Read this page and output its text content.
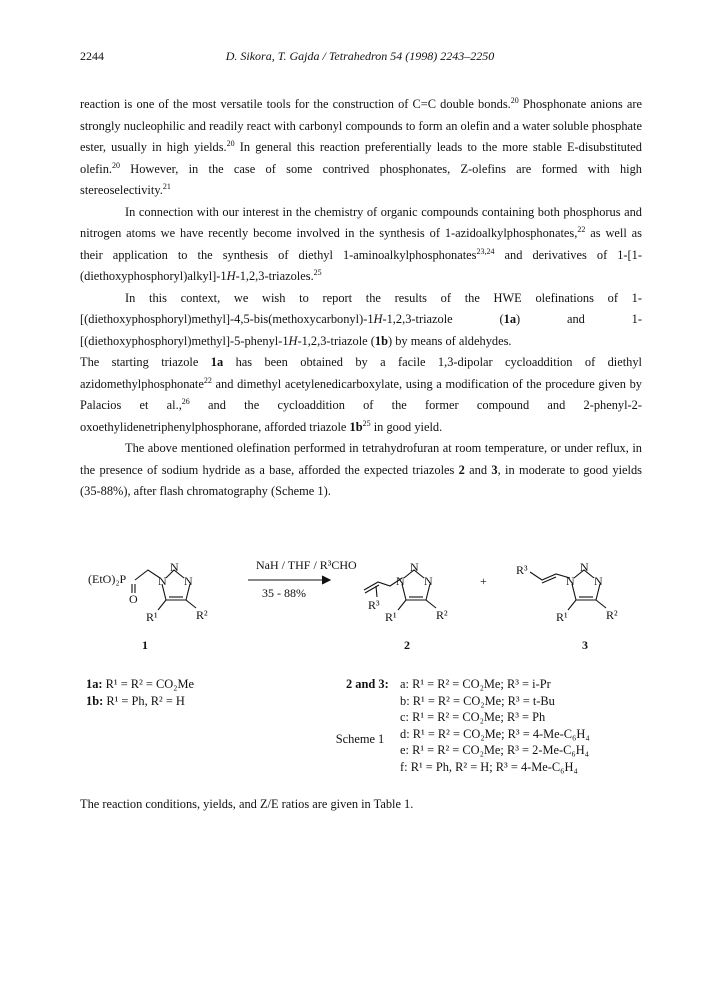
2244	D. Sikora, T. Gajda / Tetrahedron 54 (1998) 2243–2250

reaction is one of the most versatile tools for the construction of C=C double bonds.$^{20}$ Phosphonate anions are strongly nucleophilic and readily react with carbonyl compounds to form an olefin and a water soluble phosphate ester, usually in high yields.$^{20}$ In general this reaction preferentially leads to the more stable E-disubstituted olefin.$^{20}$ However, in the case of some contrived phosphonates, Z-olefins are formed with high stereoselectivity.$^{21}$

In connection with our interest in the chemistry of organic compounds containing both phosphorus and nitrogen atoms we have recently become involved in the synthesis of 1-azidoalkylphosphonates,$^{22}$ as well as their application to the synthesis of diethyl 1-aminoalkylphosphonates$^{23,24}$ and derivatives of 1-[1-(diethoxyphosphoryl)alkyl]-1H-1,2,3-triazoles.$^{25}$

In this context, we wish to report the results of the HWE olefinations of 1-[(diethoxyphosphoryl)methyl]-4,5-bis(methoxycarbonyl)-1H-1,2,3-triazole (1a) and 1-[(diethoxyphosphoryl)methyl]-5-phenyl-1H-1,2,3-triazole (1b) by means of aldehydes.

The starting triazole 1a has been obtained by a facile 1,3-dipolar cycloaddition of diethyl azidomethylphosphonate$^{22}$ and dimethyl acetylenedicarboxylate, using a modification of the procedure given by Palacios et al.,$^{26}$ and the cycloaddition of the former compound and 2-phenyl-2-oxoethylidenetriphenylphosphorane, afforded triazole $1b^{25}$ in good yield.

The above mentioned olefination performed in tetrahydrofuran at room temperature, or under reflux, in the presence of sodium hydride as a base, afforded the expected triazoles 2 and 3, in moderate to good yields (35-88%), after flash chromatography (Scheme 1).

(EtO)₂P
O
N
N
N
R¹	R²
NaH / THF / R³CHO
35 - 88%
N
N
N
R³
R¹	R²
+
R³
N
N
N
R¹	R²
1	2	3
1a: R¹ = R² = CO₂Me
1b: R¹ = Ph, R² = H
2 and 3: a: R¹ = R² = CO₂Me; R³ = i-Pr
b: R¹ = R² = CO₂Me; R³ = t-Bu
c: R¹ = R² = CO₂Me; R³ = Ph
d: R¹ = R² = CO₂Me; R³ = 4-Me-C₆H₄
e: R¹ = R² = CO₂Me; R³ = 2-Me-C₆H₄
f: R¹ = Ph, R² = H; R³ = 4-Me-C₆H₄
Scheme 1
The reaction conditions, yields, and Z/E ratios are given in Table 1.
